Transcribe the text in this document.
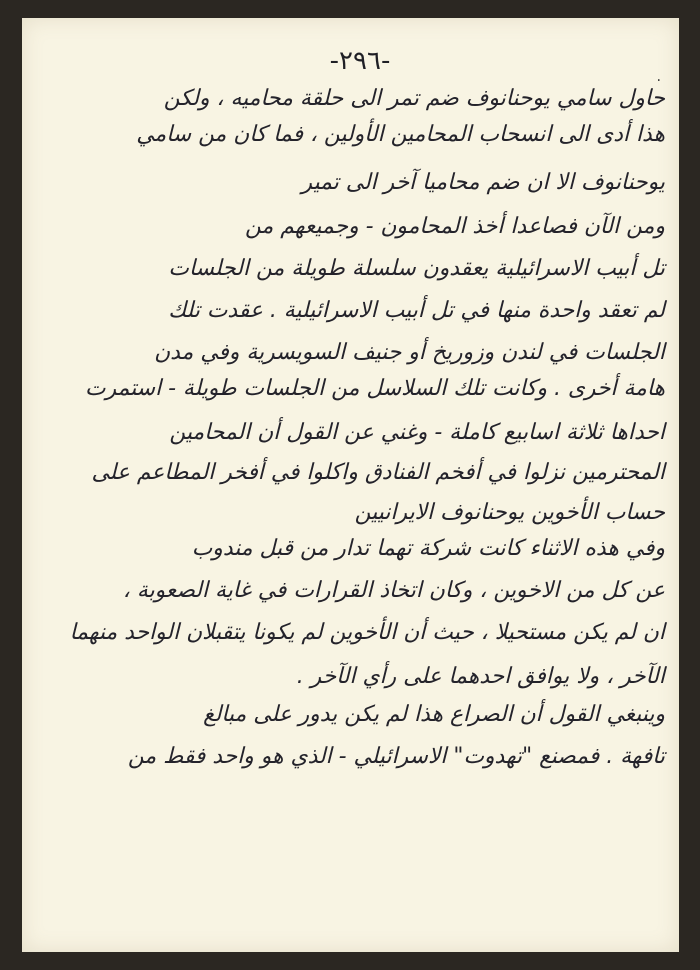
-٢٩٦-
٠
حاول سامي يوحنانوف ضم تمر الى حلقة محاميه ، ولكن
هذا أدى الى انسحاب المحامين الأولين ، فما كان من سامي
يوحنانوف الا ان ضم محاميا آخر الى تمير
ومن الآن فصاعدا أخذ المحامون - وجميعهم من
تل أبيب الاسرائيلية يعقدون سلسلة طويلة من الجلسات
لم تعقد واحدة منها في تل أبيب الاسرائيلية . عقدت تلك
الجلسات في لندن وزوريخ أو جنيف السويسرية وفي مدن
هامة أخرى . وكانت تلك السلاسل من الجلسات طويلة - استمرت
احداها ثلاثة اسابيع كاملة - وغني عن القول أن المحامين
المحترمين نزلوا في أفخم الفنادق واكلوا في أفخر المطاعم على
حساب الأخوين يوحنانوف الايرانيين
وفي هذه الاثناء كانت شركة تهما تدار من قبل مندوب
عن كل من الاخوين ، وكان اتخاذ القرارات في غاية الصعوبة ،
ان لم يكن مستحيلا ، حيث أن الأخوين لم يكونا يتقبلان الواحد منهما
الآخر ، ولا يوافق احدهما على رأي الآخر .
وينبغي القول أن الصراع هذا لم يكن يدور على مبالغ
تافهة . فمصنع "تهدوت" الاسرائيلي - الذي هو واحد فقط من
